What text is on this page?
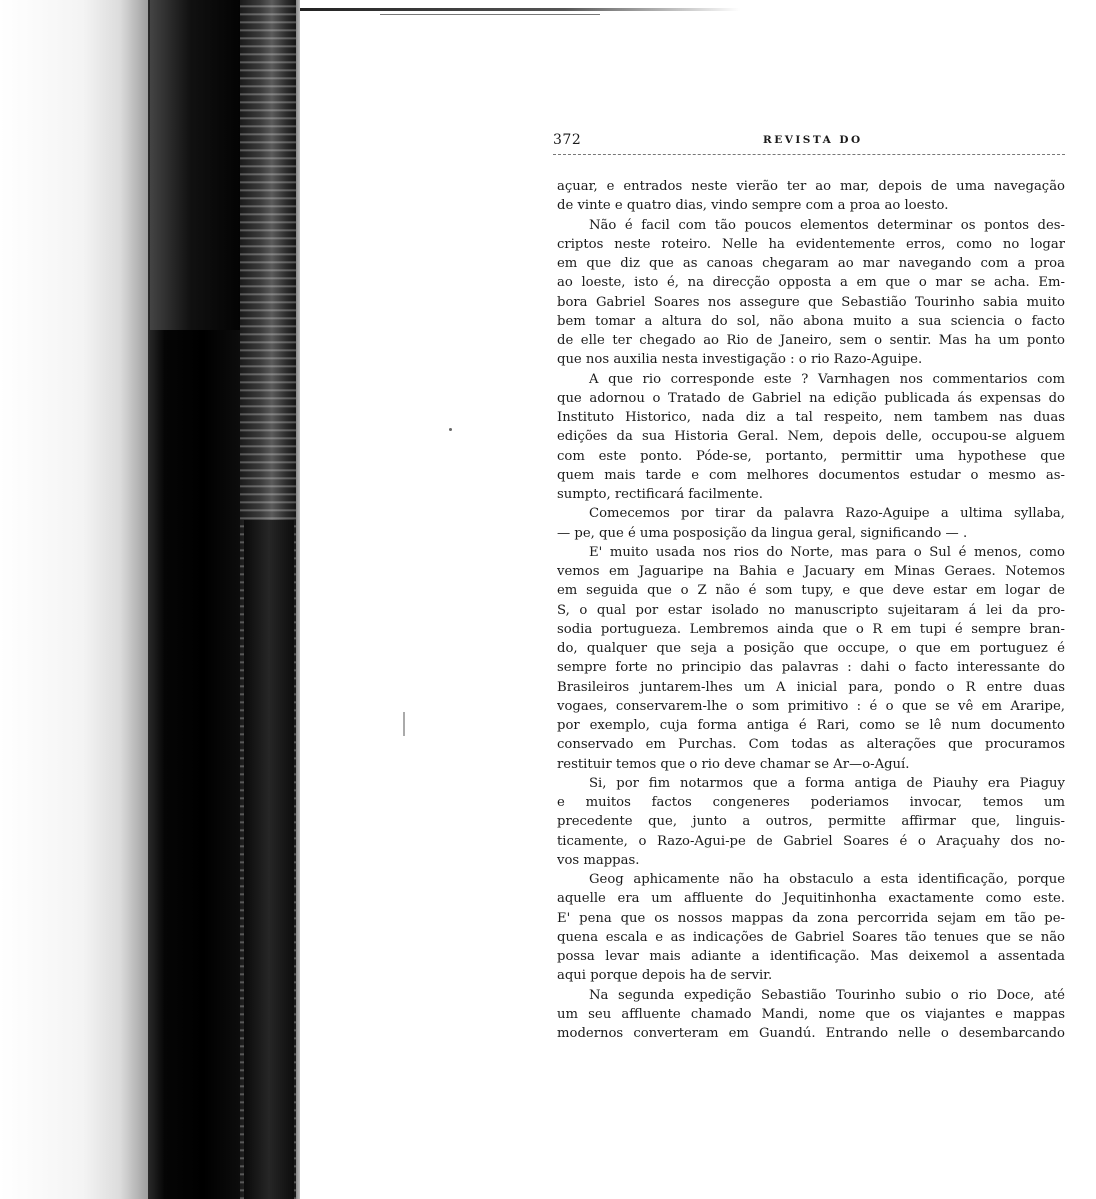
372	REVISTA DO
açuar, e entrados neste vierão ter ao mar, depois de uma navegação
de vinte e quatro dias, vindo sempre com a proa ao loesto.
Não é facil com tão poucos elementos determinar os pontos des-
criptos neste roteiro. Nelle ha evidentemente erros, como no logar
em que diz que as canoas chegaram ao mar navegando com a proa
ao loeste, isto é, na direcção opposta a em que o mar se acha. Em-
bora Gabriel Soares nos assegure que Sebastião Tourinho sabia muito
bem tomar a altura do sol, não abona muito a sua sciencia o facto
de elle ter chegado ao Rio de Janeiro, sem o sentir. Mas ha um ponto
que nos auxilia nesta investigação : o rio Razo-Aguipe.
A que rio corresponde este ? Varnhagen nos commentarios com
que adornou o Tratado de Gabriel na edição publicada ás expensas do
Instituto Historico, nada diz a tal respeito, nem tambem nas duas
edições da sua Historia Geral. Nem, depois delle, occupou-se alguem
com este ponto. Póde-se, portanto, permittir uma hypothese que
quem mais tarde e com melhores documentos estudar o mesmo as-
sumpto, rectificará facilmente.
Comecemos por tirar da palavra Razo-Aguipe a ultima syllaba,
— pe, que é uma posposição da lingua geral, significando — .
E' muito usada nos rios do Norte, mas para o Sul é menos, como
vemos em Jaguaripe na Bahia e Jacuary em Minas Geraes. Notemos
em seguida que o Z não é som tupy, e que deve estar em logar de
S, o qual por estar isolado no manuscripto sujeitaram á lei da pro-
sodia portugueza. Lembremos ainda que o R em tupi é sempre bran-
do, qualquer que seja a posição que occupe, o que em portuguez é
sempre forte no principio das palavras : dahi o facto interessante do
Brasileiros juntarem-lhes um A inicial para, pondo o R entre duas
vogaes, conservarem-lhe o som primitivo : é o que se vê em Araripe,
por exemplo, cuja forma antiga é Rari, como se lê num documento
conservado em Purchas. Com todas as alterações que procuramos
restituir temos que o rio deve chamar se Ar—o-Aguí.
Si, por fim notarmos que a forma antiga de Piauhy era Piaguy
e muitos factos congeneres poderiamos invocar, temos um
precedente que, junto a outros, permitte affirmar que, linguis-
ticamente, o Razo-Agui-pe de Gabriel Soares é o Araçuahy dos no-
vos mappas.
Geog aphicamente não ha obstaculo a esta identificação, porque
aquelle era um affluente do Jequitinhonha exactamente como este.
E' pena que os nossos mappas da zona percorrida sejam em tão pe-
quena escala e as indicações de Gabriel Soares tão tenues que se não
possa levar mais adiante a identificação. Mas deixemol a assentada
aqui porque depois ha de servir.
Na segunda expedição Sebastião Tourinho subio o rio Doce, até
um seu affluente chamado Mandi, nome que os viajantes e mappas
modernos converteram em Guandú. Entrando nelle o desembarcando
